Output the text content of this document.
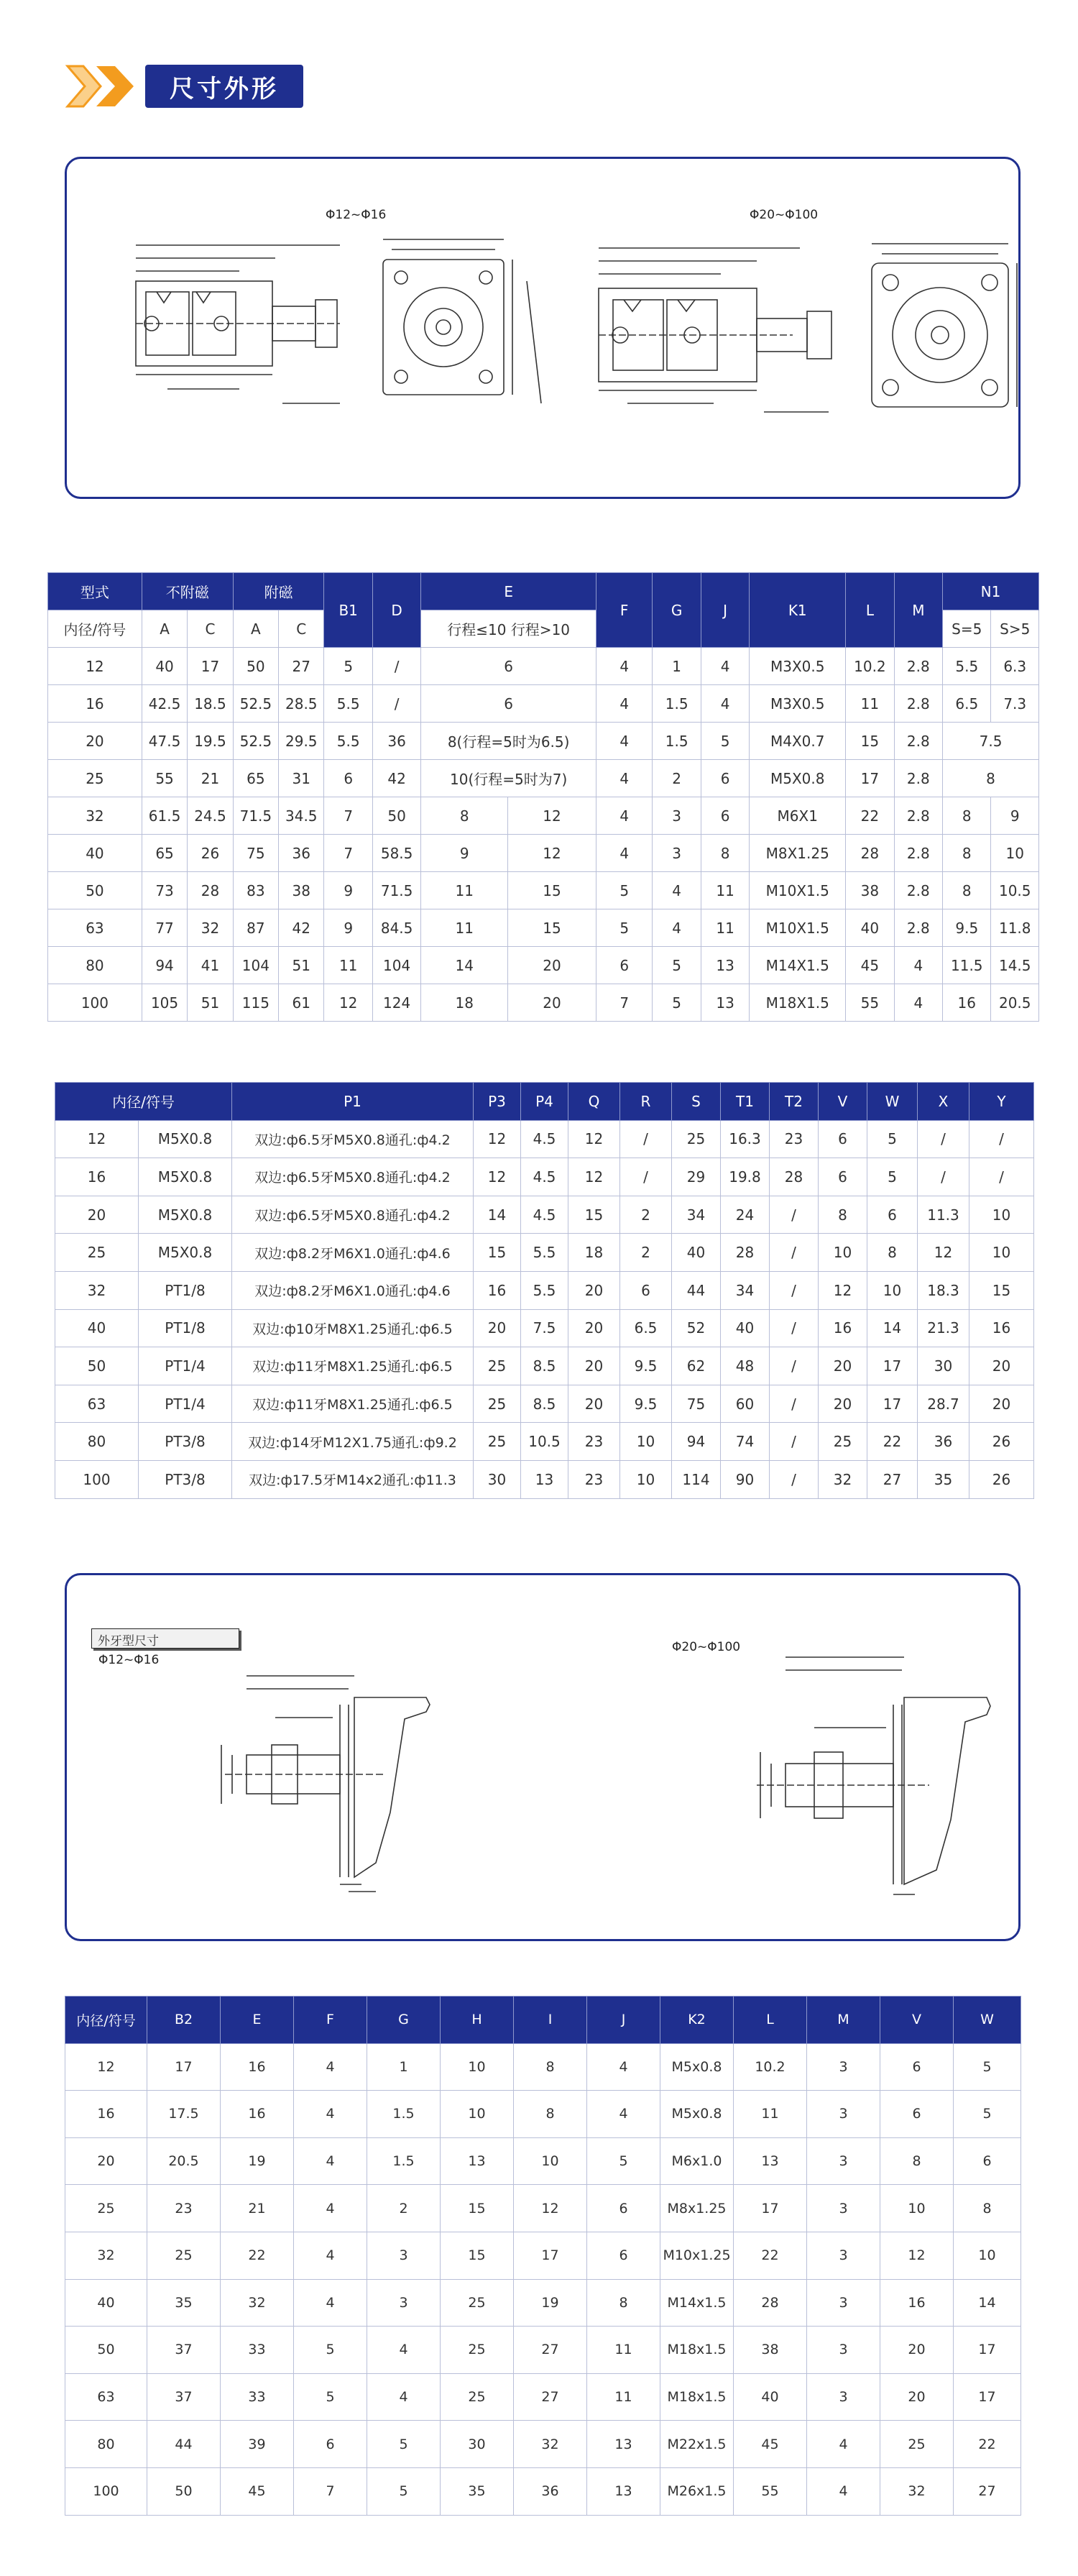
尺寸外形
Φ12~Φ16	Φ20~Φ100
型式	不附磁		附磁		B1	D	E		F	G	J	K1	L	M	N1	
内径/符号	A	C	A	C			行程≤10 行程>10								S=5	S>5
12	40	17	50	27	5	/	6		4	1	4	M3X0.5	10.2	2.8	5.5	6.3
16	42.5	18.5	52.5	28.5	5.5	/	6		4	1.5	4	M3X0.5	11	2.8	6.5	7.3
20	47.5	19.5	52.5	29.5	5.5	36	8(行程=5时为6.5)		4	1.5	5	M4X0.7	15	2.8	7.5	
25	55	21	65	31	6	42	10(行程=5时为7)		4	2	6	M5X0.8	17	2.8	8	
32	61.5	24.5	71.5	34.5	7	50	8	12	4	3	6	M6X1	22	2.8	8	9
40	65	26	75	36	7	58.5	9	12	4	3	8	M8X1.25	28	2.8	8	10
50	73	28	83	38	9	71.5	11	15	5	4	11	M10X1.5	38	2.8	8	10.5
63	77	32	87	42	9	84.5	11	15	5	4	11	M10X1.5	40	2.8	9.5	11.8
80	94	41	104	51	11	104	14	20	6	5	13	M14X1.5	45	4	11.5	14.5
100	105	51	115	61	12	124	18	20	7	5	13	M18X1.5	55	4	16	20.5
内径/符号		P1	P3	P4	Q	R	S	T1	T2	V	W	X	Y
12	M5X0.8	双边:ф6.5牙M5X0.8通孔:ф4.2	12	4.5	12	/	25	16.3	23	6	5	/	/
16	M5X0.8	双边:ф6.5牙M5X0.8通孔:ф4.2	12	4.5	12	/	29	19.8	28	6	5	/	/
20	M5X0.8	双边:ф6.5牙M5X0.8通孔:ф4.2	14	4.5	15	2	34	24	/	8	6	11.3	10
25	M5X0.8	双边:ф8.2牙M6X1.0通孔:ф4.6	15	5.5	18	2	40	28	/	10	8	12	10
32	PT1/8	双边:ф8.2牙M6X1.0通孔:ф4.6	16	5.5	20	6	44	34	/	12	10	18.3	15
40	PT1/8	双边:ф10牙M8X1.25通孔:ф6.5	20	7.5	20	6.5	52	40	/	16	14	21.3	16
50	PT1/4	双边:ф11牙M8X1.25通孔:ф6.5	25	8.5	20	9.5	62	48	/	20	17	30	20
63	PT1/4	双边:ф11牙M8X1.25通孔:ф6.5	25	8.5	20	9.5	75	60	/	20	17	28.7	20
80	PT3/8	双边:ф14牙M12X1.75通孔:ф9.2	25	10.5	23	10	94	74	/	25	22	36	26
100	PT3/8	双边:ф17.5牙M14x2通孔:ф11.3	30	13	23	10	114	90	/	32	27	35	26
外牙型尺寸
Φ12~Φ16
Φ20~Φ100
内径/符号	B2	E	F	G	H	I	J	K2	L	M	V	W
12	17	16	4	1	10	8	4	M5x0.8	10.2	3	6	5
16	17.5	16	4	1.5	10	8	4	M5x0.8	11	3	6	5
20	20.5	19	4	1.5	13	10	5	M6x1.0	13	3	8	6
25	23	21	4	2	15	12	6	M8x1.25	17	3	10	8
32	25	22	4	3	15	17	6	M10x1.25	22	3	12	10
40	35	32	4	3	25	19	8	M14x1.5	28	3	16	14
50	37	33	5	4	25	27	11	M18x1.5	38	3	20	17
63	37	33	5	4	25	27	11	M18x1.5	40	3	20	17
80	44	39	6	5	30	32	13	M22x1.5	45	4	25	22
100	50	45	7	5	35	36	13	M26x1.5	55	4	32	27
